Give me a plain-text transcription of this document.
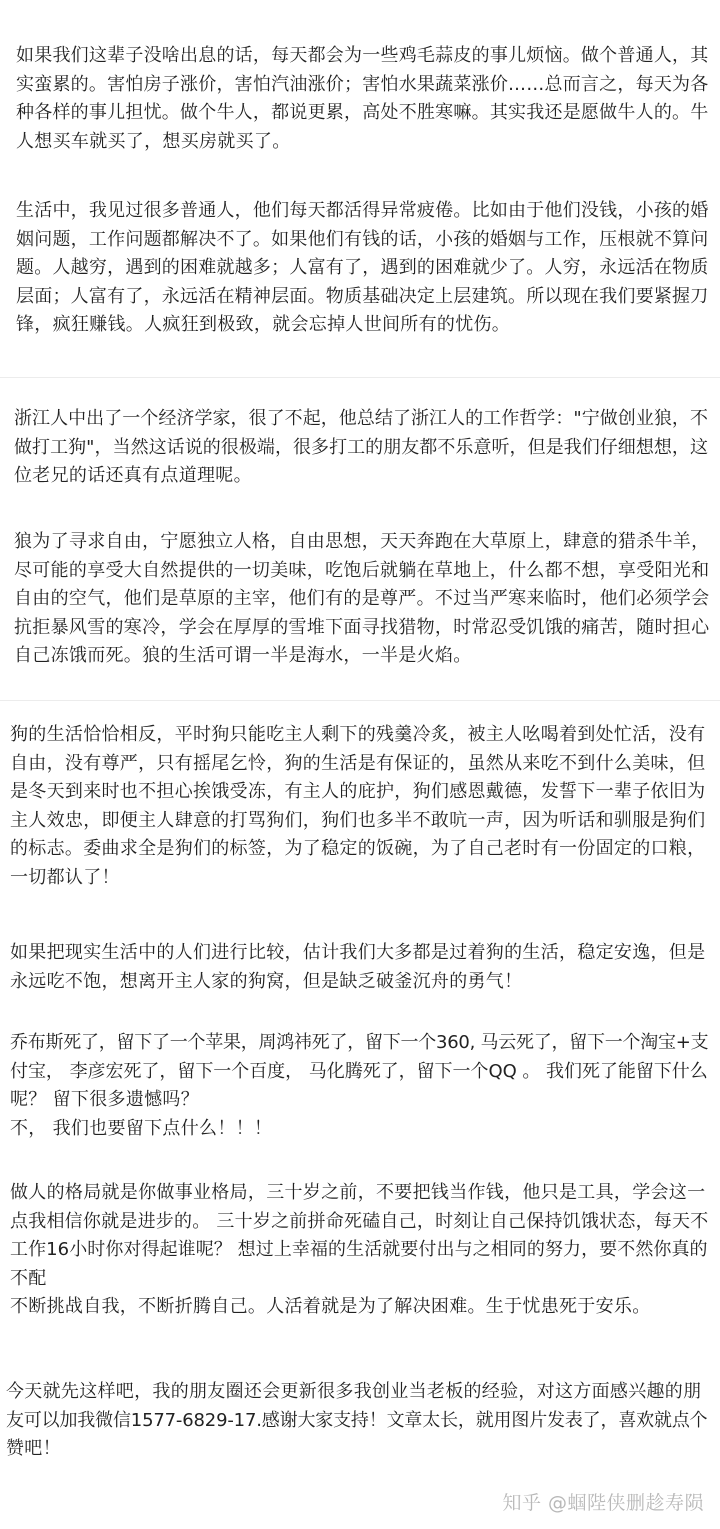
如果我们这辈子没啥出息的话，每天都会为一些鸡毛蒜皮的事儿烦恼。做个普通人，其
实蛮累的。害怕房子涨价，害怕汽油涨价；害怕水果蔬菜涨价……总而言之，每天为各
种各样的事儿担忧。做个牛人，都说更累，高处不胜寒嘛。其实我还是愿做牛人的。牛
人想买车就买了，想买房就买了。

生活中，我见过很多普通人，他们每天都活得异常疲倦。比如由于他们没钱，小孩的婚
姻问题，工作问题都解决不了。如果他们有钱的话，小孩的婚姻与工作，压根就不算问
题。人越穷，遇到的困难就越多；人富有了，遇到的困难就少了。人穷，永远活在物质
层面；人富有了，永远活在精神层面。物质基础决定上层建筑。所以现在我们要紧握刀
锋，疯狂赚钱。人疯狂到极致，就会忘掉人世间所有的忧伤。

浙江人中出了一个经济学家，很了不起，他总结了浙江人的工作哲学："宁做创业狼，不
做打工狗"，当然这话说的很极端，很多打工的朋友都不乐意听，但是我们仔细想想，这
位老兄的话还真有点道理呢。

狼为了寻求自由，宁愿独立人格，自由思想，天天奔跑在大草原上，肆意的猎杀牛羊，
尽可能的享受大自然提供的一切美味，吃饱后就躺在草地上，什么都不想，享受阳光和
自由的空气，他们是草原的主宰，他们有的是尊严。不过当严寒来临时，他们必须学会
抗拒暴风雪的寒冷，学会在厚厚的雪堆下面寻找猎物，时常忍受饥饿的痛苦，随时担心
自己冻饿而死。狼的生活可谓一半是海水，一半是火焰。

狗的生活恰恰相反，平时狗只能吃主人剩下的残羹冷炙，被主人吆喝着到处忙活，没有
自由，没有尊严，只有摇尾乞怜，狗的生活是有保证的，虽然从来吃不到什么美味，但
是冬天到来时也不担心挨饿受冻，有主人的庇护，狗们感恩戴德，发誓下一辈子依旧为
主人效忠，即便主人肆意的打骂狗们，狗们也多半不敢吭一声，因为听话和驯服是狗们
的标志。委曲求全是狗们的标签，为了稳定的饭碗，为了自己老时有一份固定的口粮，
一切都认了！

如果把现实生活中的人们进行比较，估计我们大多都是过着狗的生活，稳定安逸，但是
永远吃不饱，想离开主人家的狗窝，但是缺乏破釜沉舟的勇气！

乔布斯死了，留下了一个苹果，周鸿祎死了，留下一个360, 马云死了，留下一个淘宝+支
付宝， 李彦宏死了，留下一个百度， 马化腾死了，留下一个QQ 。 我们死了能留下什么
呢？ 留下很多遗憾吗？
不， 我们也要留下点什么！！！

做人的格局就是你做事业格局，三十岁之前，不要把钱当作钱，他只是工具，学会这一
点我相信你就是进步的。 三十岁之前拼命死磕自己，时刻让自己保持饥饿状态，每天不
工作16小时你对得起谁呢？ 想过上幸福的生活就要付出与之相同的努力，要不然你真的
不配
不断挑战自我，不断折腾自己。人活着就是为了解决困难。生于忧患死于安乐。

今天就先这样吧，我的朋友圈还会更新很多我创业当老板的经验，对这方面感兴趣的朋
友可以加我微信1577-6829-17.感谢大家支持！文章太长，就用图片发表了，喜欢就点个
赞吧！

知乎 @蝈陛侠删趁寿陨
